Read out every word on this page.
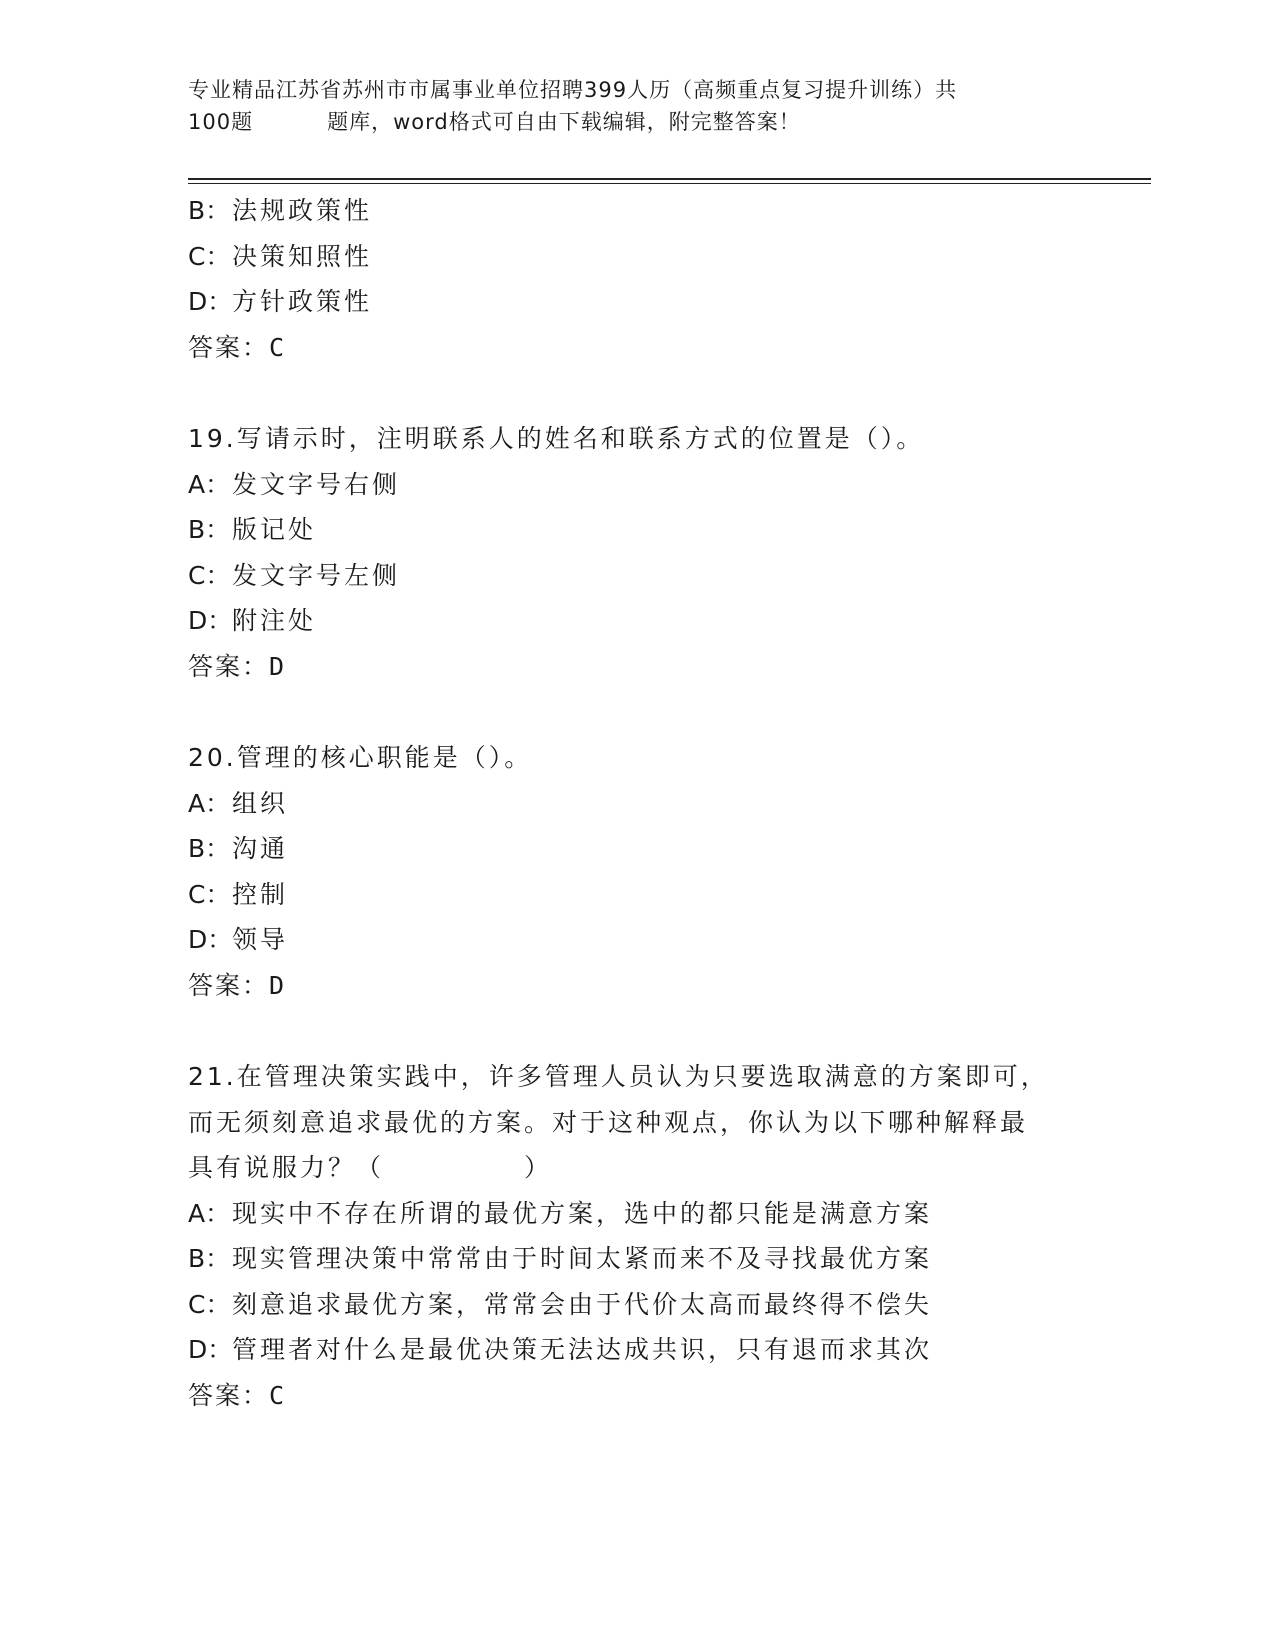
专业精品江苏省苏州市市属事业单位招聘399人历（高频重点复习提升训练）共
100题	题库，word格式可自由下载编辑，附完整答案！
B：法规政策性
C：决策知照性
D：方针政策性
答案：C
19.写请示时，注明联系人的姓名和联系方式的位置是（）。
A：发文字号右侧
B：版记处
C：发文字号左侧
D：附注处
答案：D
20.管理的核心职能是（）。
A：组织
B：沟通
C：控制
D：领导
答案：D
21.在管理决策实践中，许多管理人员认为只要选取满意的方案即可，
而无须刻意追求最优的方案。对于这种观点，你认为以下哪种解释最
具有说服力？（　　　　　）
A：现实中不存在所谓的最优方案，选中的都只能是满意方案
B：现实管理决策中常常由于时间太紧而来不及寻找最优方案
C：刻意追求最优方案，常常会由于代价太高而最终得不偿失
D：管理者对什么是最优决策无法达成共识，只有退而求其次
答案：C
